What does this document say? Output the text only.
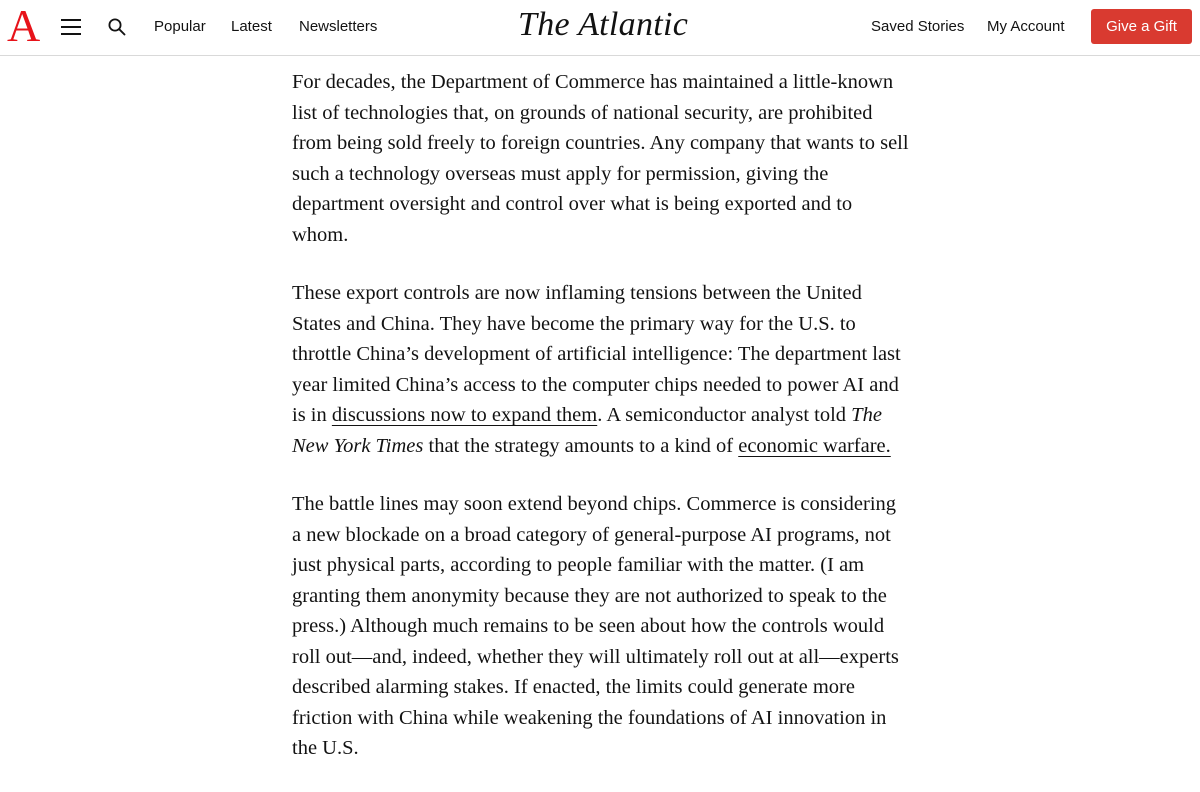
A	Popular Latest Newsletters	The Atlantic	Saved Stories My Account	Give a Gift

For decades, the Department of Commerce has maintained a little-known list of technologies that, on grounds of national security, are prohibited from being sold freely to foreign countries. Any company that wants to sell such a technology overseas must apply for permission, giving the department oversight and control over what is being exported and to whom.

These export controls are now inflaming tensions between the United States and China. They have become the primary way for the U.S. to throttle China’s development of artificial intelligence: The department last year limited China’s access to the computer chips needed to power AI and is in discussions now to expand them. A semiconductor analyst told The New York Times that the strategy amounts to a kind of economic warfare.

The battle lines may soon extend beyond chips. Commerce is considering a new blockade on a broad category of general-purpose AI programs, not just physical parts, according to people familiar with the matter. (I am granting them anonymity because they are not authorized to speak to the press.) Although much remains to be seen about how the controls would roll out—and, indeed, whether they will ultimately roll out at all—experts described alarming stakes. If enacted, the limits could generate more friction with China while weakening the foundations of AI innovation in the U.S.
